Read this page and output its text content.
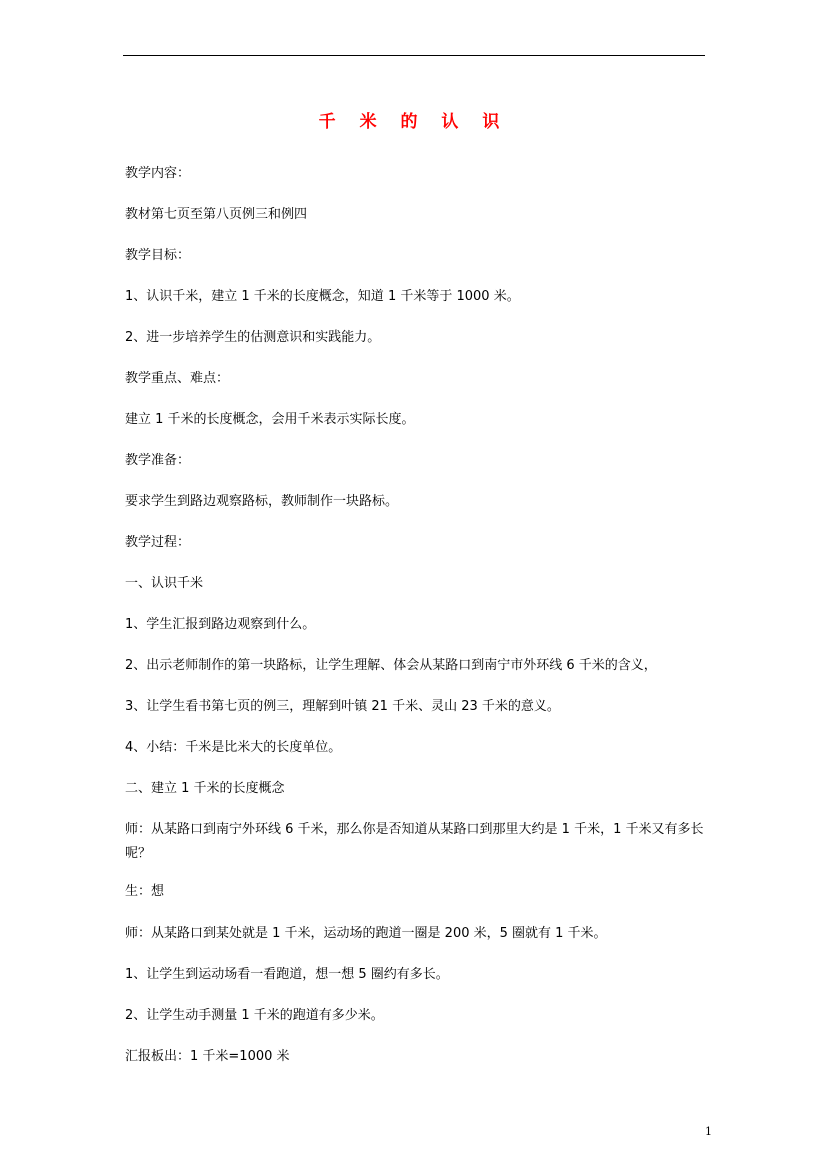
千 米 的 认 识
教学内容：
教材第七页至第八页例三和例四
教学目标：
1、认识千米，建立 1 千米的长度概念，知道 1 千米等于 1000 米。
2、进一步培养学生的估测意识和实践能力。
教学重点、难点：
建立 1 千米的长度概念，会用千米表示实际长度。
教学准备：
要求学生到路边观察路标，教师制作一块路标。
教学过程：
一、认识千米
1、学生汇报到路边观察到什么。
2、出示老师制作的第一块路标，让学生理解、体会从某路口到南宁市外环线 6 千米的含义，
3、让学生看书第七页的例三，理解到叶镇 21 千米、灵山 23 千米的意义。
4、小结：千米是比米大的长度单位。
二、建立 1 千米的长度概念
师：从某路口到南宁外环线 6 千米，那么你是否知道从某路口到那里大约是 1 千米，1 千米又有多长呢？
生：想
师：从某路口到某处就是 1 千米，运动场的跑道一圈是 200 米，5 圈就有 1 千米。
1、让学生到运动场看一看跑道，想一想 5 圈约有多长。
2、让学生动手测量 1 千米的跑道有多少米。
汇报板出：1 千米=1000 米
1
